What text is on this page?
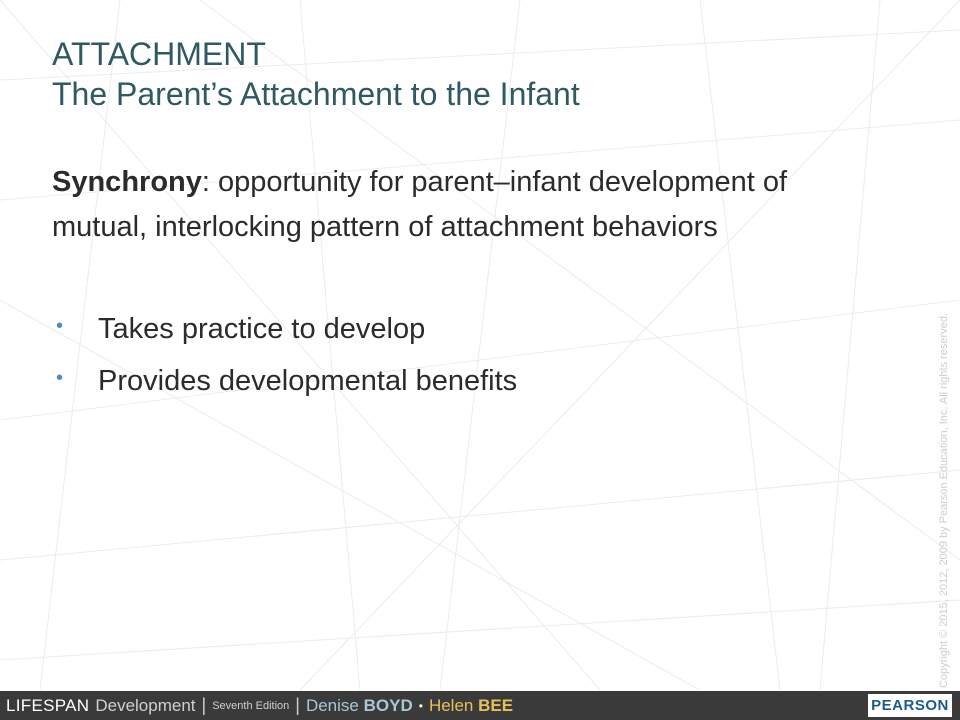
ATTACHMENT
The Parent’s Attachment to the Infant
Synchrony: opportunity for parent–infant development of mutual, interlocking pattern of attachment behaviors
• Takes practice to develop
• Provides developmental benefits	Copyright © 2015, 2012, 2009 by Pearson Education, Inc. All rights reserved.
LIFESPAN Development | Seventh Edition | Denise BOYD • Helen BEE	PEARSON
